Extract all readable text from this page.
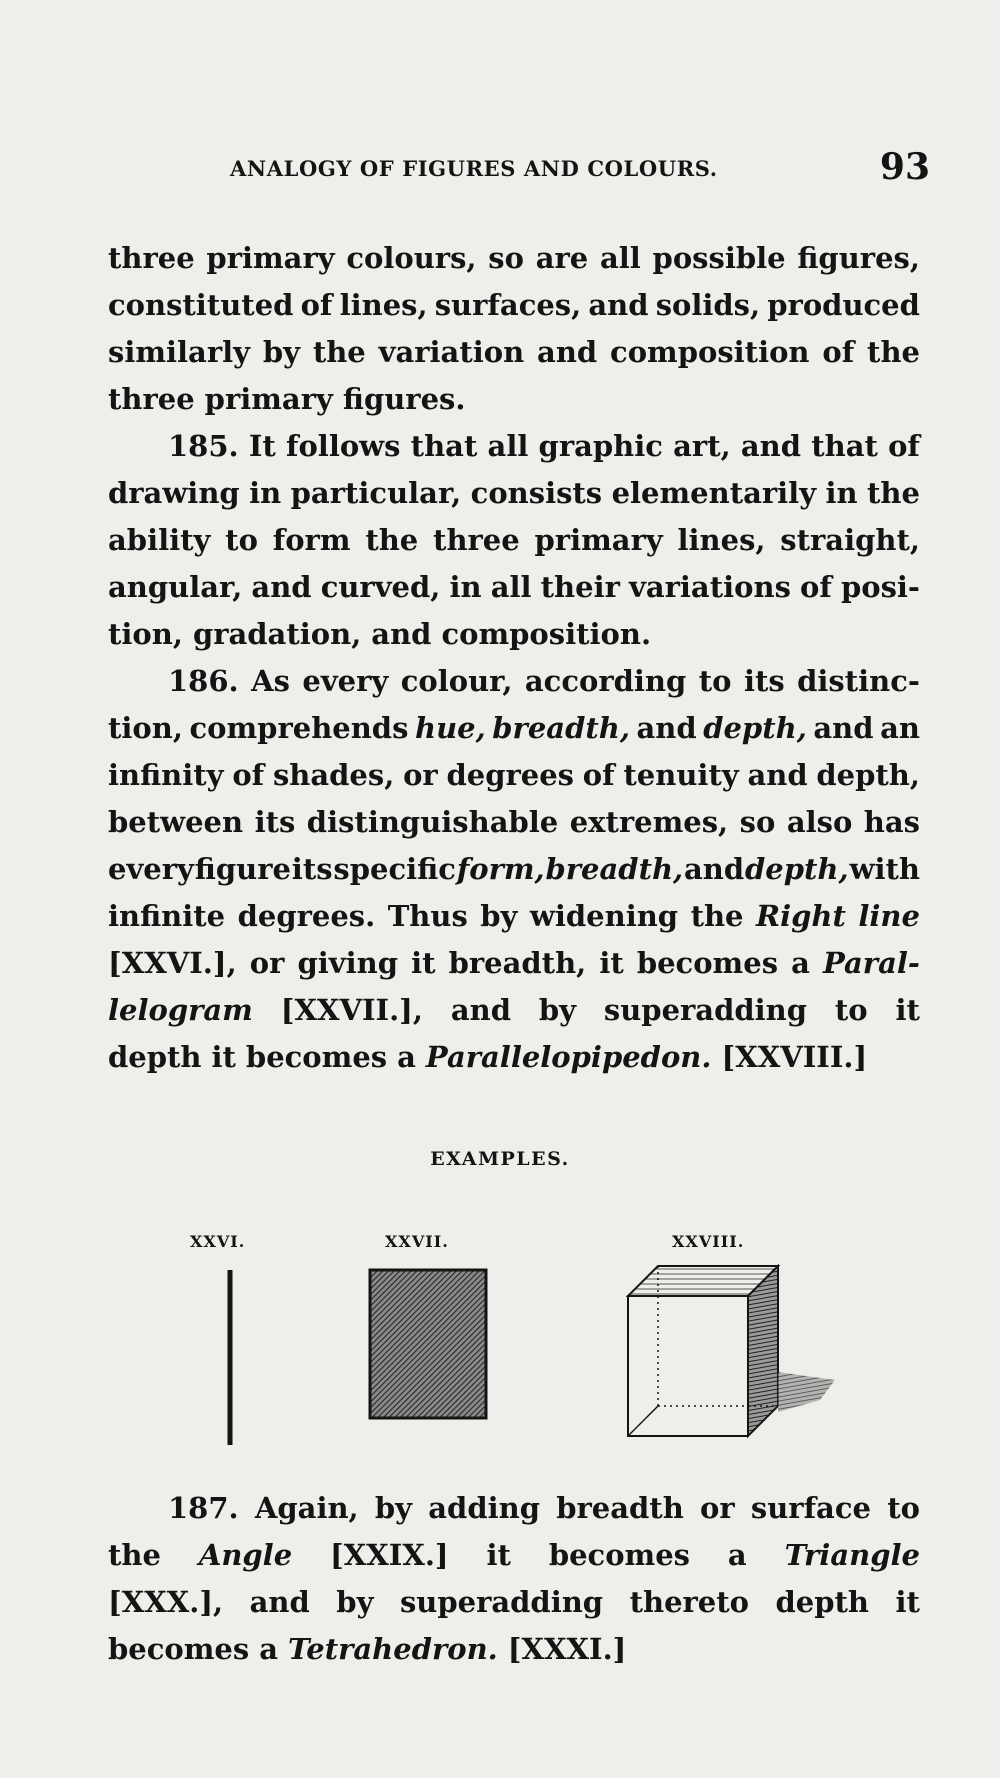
ANALOGY OF FIGURES AND COLOURS.	93
three primary colours, so are all possible figures,
constituted of lines, surfaces, and solids, produced
similarly by the variation and composition of the
three primary figures.
185. It follows that all graphic art, and that of
drawing in particular, consists elementarily in the
ability to form the three primary lines, straight,
angular, and curved, in all their variations of posi-
tion, gradation, and composition.
186. As every colour, according to its distinc-
tion, comprehends hue, breadth, and depth, and an
infinity of shades, or degrees of tenuity and depth,
between its distinguishable extremes, so also has
every figure its specific form, breadth, and depth, with
infinite degrees. Thus by widening the Right line
[XXVI.], or giving it breadth, it becomes a Paral-
lelogram [XXVII.], and by superadding to it
depth it becomes a Parallelopipedon. [XXVIII.]
EXAMPLES.
XXVI.	XXVII.	XXVIII.
187. Again, by adding breadth or surface to
the Angle [XXIX.] it becomes a Triangle
[XXX.], and by superadding thereto depth it
becomes a Tetrahedron. [XXXI.]
